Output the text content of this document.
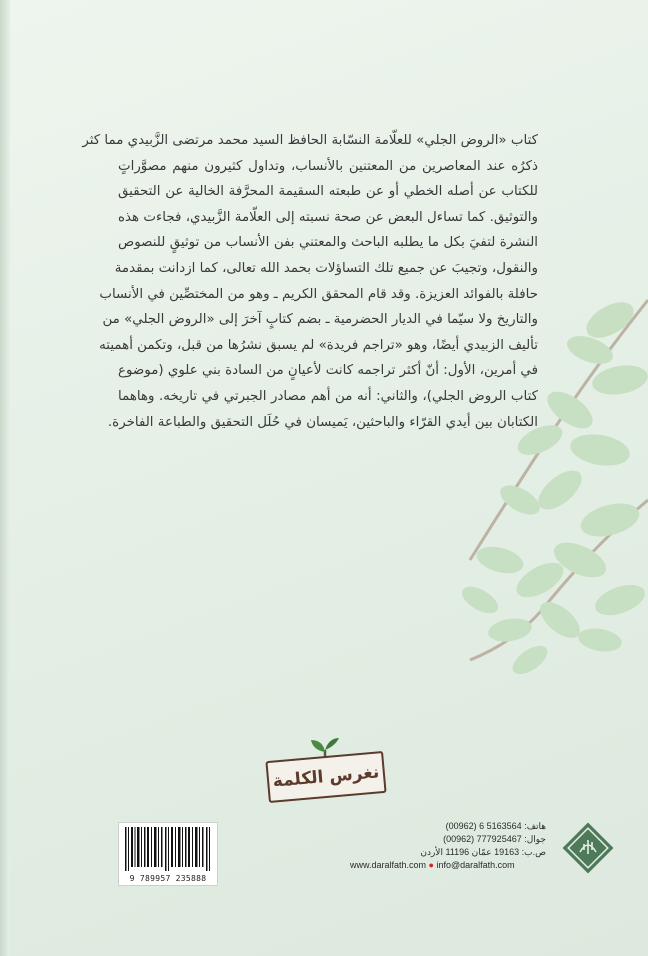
كتاب «الروض الجلي» للعلّامة النسّابة الحافظ السيد محمد مرتضى الزَّبيدي مما كثر
ذكرُه عند المعاصرين من المعتنين بالأنساب، وتداول كثيرون منهم مصوَّراتٍ
للكتاب عن أصله الخطي أو عن طبعته السقيمة المحرَّفة الخالية عن التحقيق
والتوثيق. كما تساءل البعض عن صحة نسبته إلى العلّامة الزَّبيدي، فجاءت هذه
النشرة لتفيَ بكل ما يطلبه الباحث والمعتني بفن الأنساب من توثيقٍ للنصوص
والنقول، وتجيبَ عن جميع تلك التساؤلات بحمد الله تعالى، كما ازدانت بمقدمة
حافلة بالفوائد العزيزة. وقد قام المحقق الكريم ـ وهو من المختصِّين في الأنساب
والتاريخ ولا سيّما في الديار الحضرمية ـ بضم كتابٍ آخرَ إلى «الروض الجلي» من
تأليف الزبيدي أيضًا، وهو «تراجم فريدة» لم يسبق نشرُها من قبل، وتكمن أهميته
في أمرين، الأول: أنّ أكثر تراجمه كانت لأعيانٍ من السادة بني علوي (موضوع
كتاب الروض الجلي)، والثاني: أنه من أهم مصادر الجبرتي في تاريخه. وهاهما
الكتابان بين أيدي القرّاء والباحثين، يَميسان في حُلَل التحقيق والطباعة الفاخرة.
نغرس الكلمة
9 789957 235888
هاتف: (00962) 6 5163564
جوال: (00962) 777925467
ص.ب: 19163 عمّان 11196 الأردن
www.daralfath.com ● info@daralfath.com
